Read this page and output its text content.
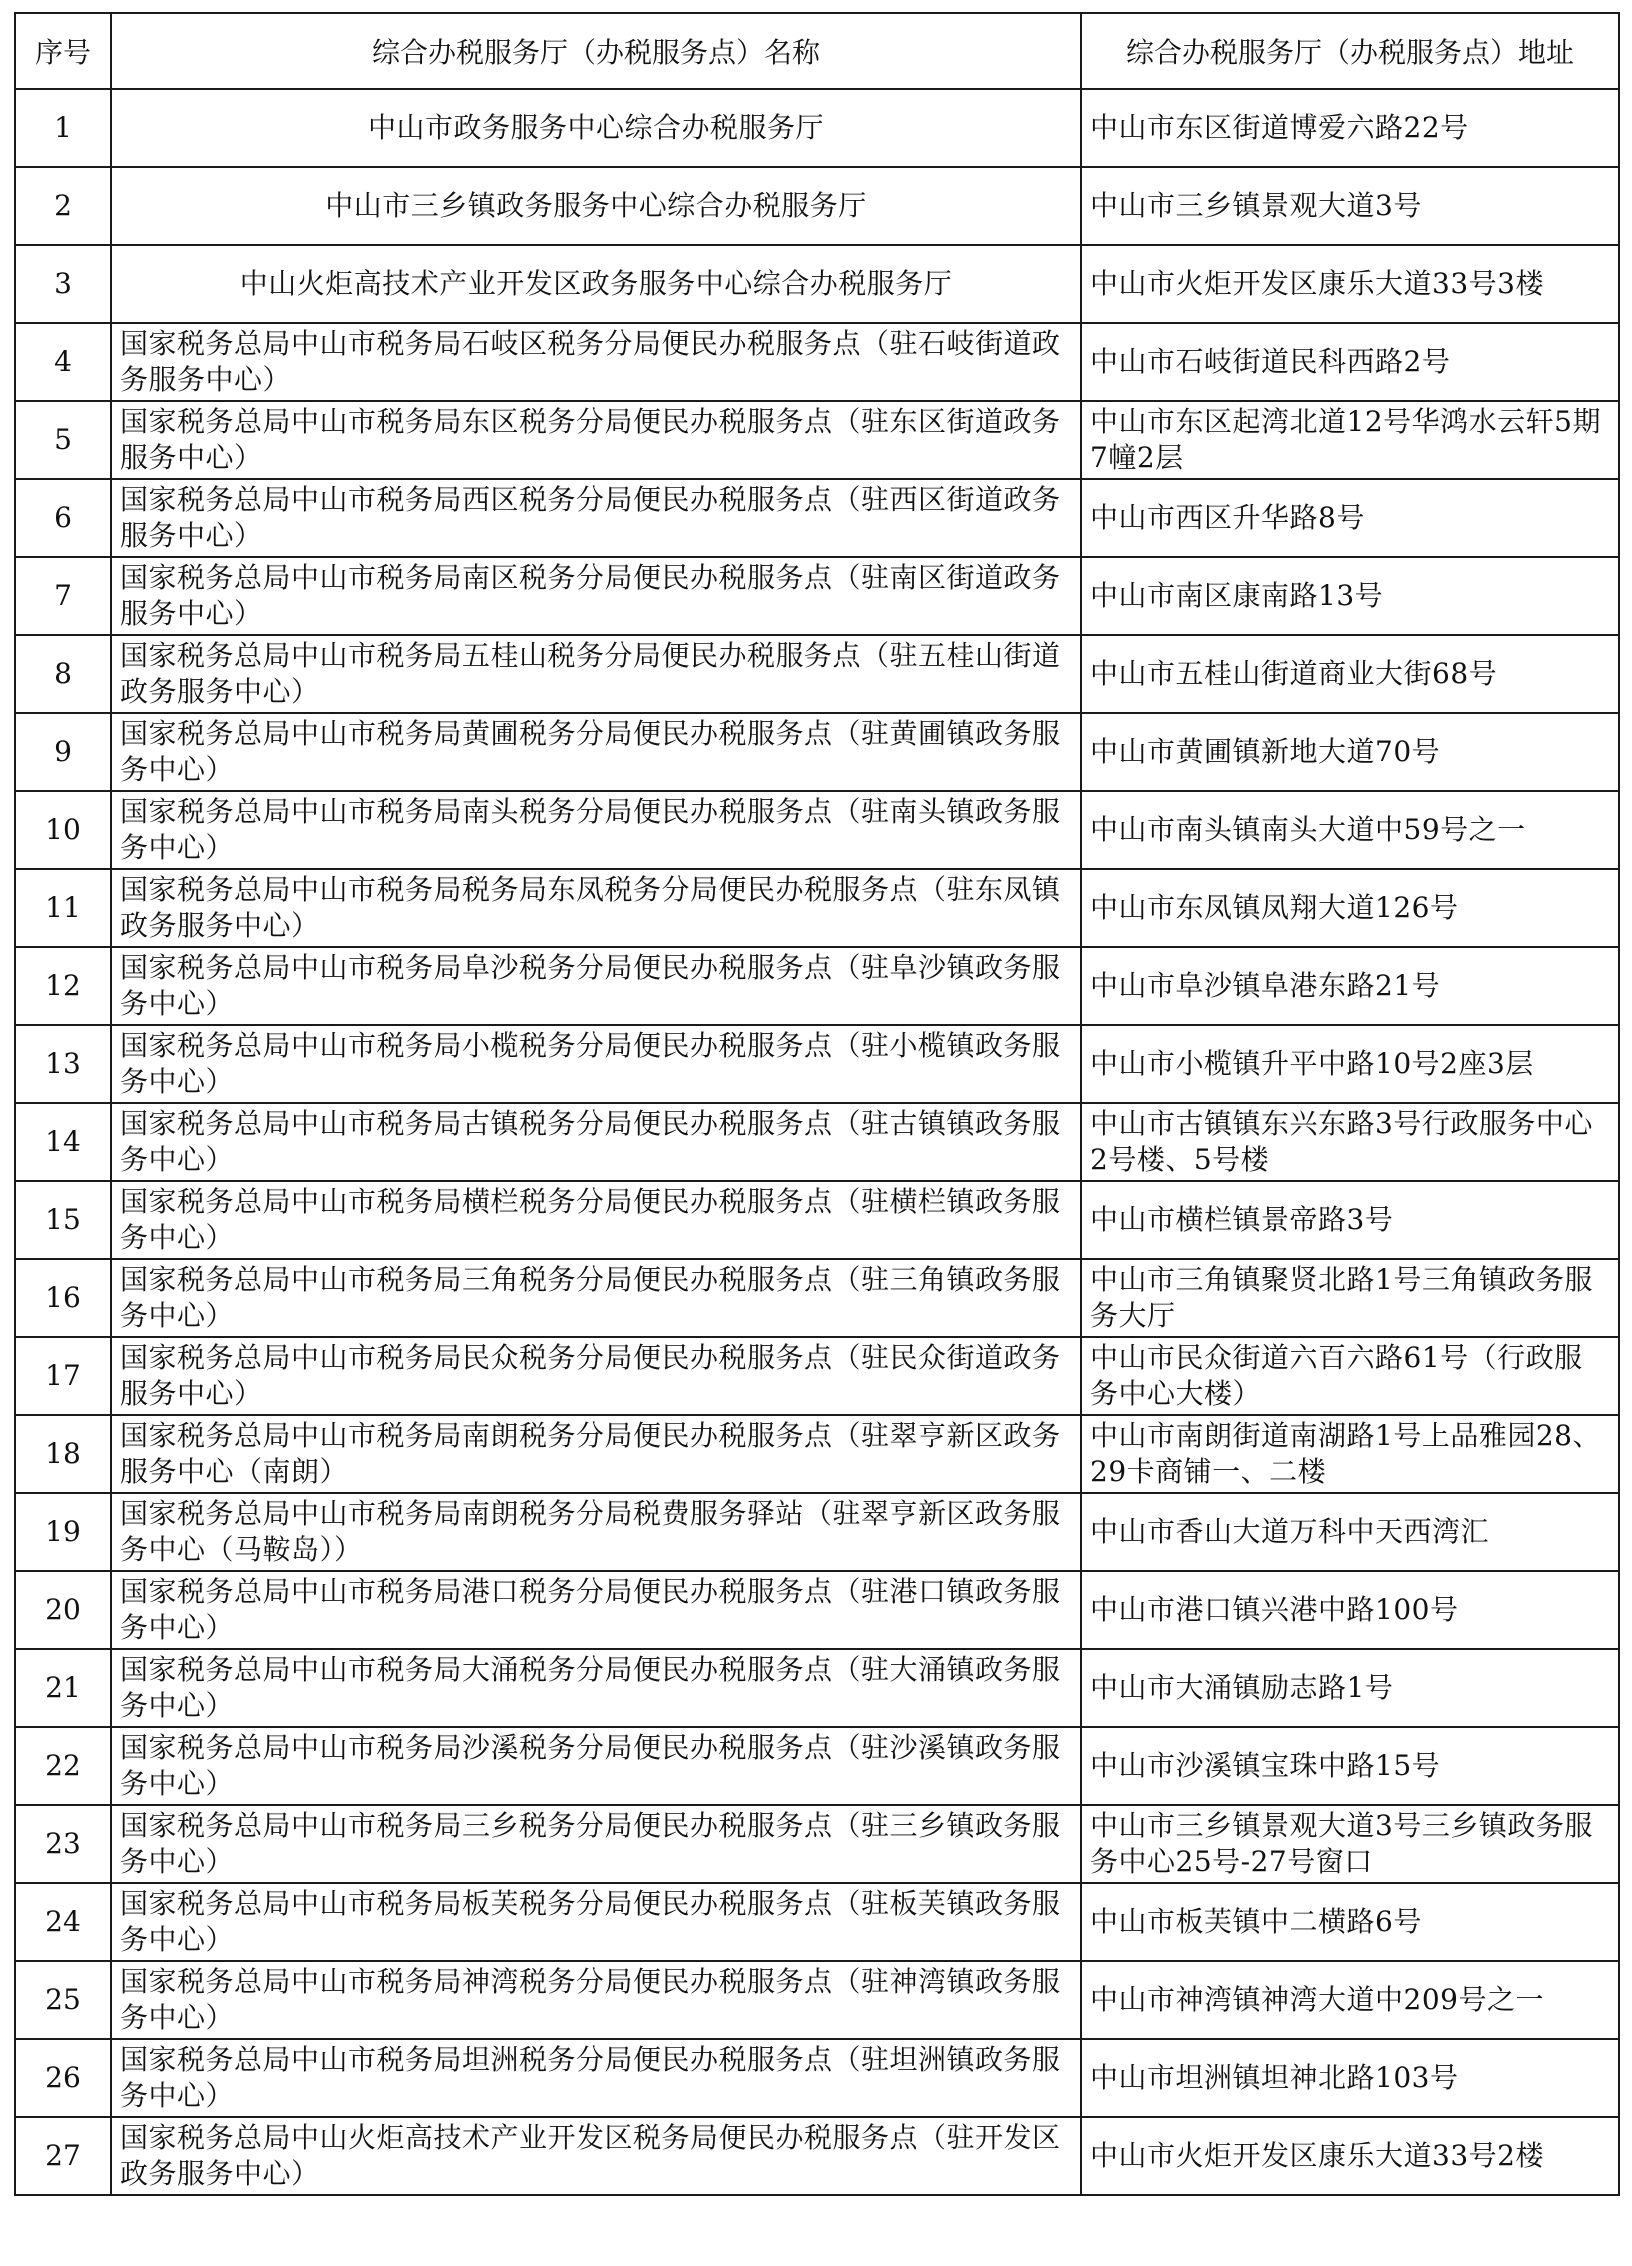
序号	综合办税服务厅（办税服务点）名称	综合办税服务厅（办税服务点）地址
1	中山市政务服务中心综合办税服务厅	中山市东区街道博爱六路22号
2	中山市三乡镇政务服务中心综合办税服务厅	中山市三乡镇景观大道3号
3	中山火炬高技术产业开发区政务服务中心综合办税服务厅	中山市火炬开发区康乐大道33号3楼
4	国家税务总局中山市税务局石岐区税务分局便民办税服务点（驻石岐街道政务服务中心）	中山市石岐街道民科西路2号
5	国家税务总局中山市税务局东区税务分局便民办税服务点（驻东区街道政务服务中心）	中山市东区起湾北道12号华鸿水云轩5期7幢2层
6	国家税务总局中山市税务局西区税务分局便民办税服务点（驻西区街道政务服务中心）	中山市西区升华路8号
7	国家税务总局中山市税务局南区税务分局便民办税服务点（驻南区街道政务服务中心）	中山市南区康南路13号
8	国家税务总局中山市税务局五桂山税务分局便民办税服务点（驻五桂山街道政务服务中心）	中山市五桂山街道商业大街68号
9	国家税务总局中山市税务局黄圃税务分局便民办税服务点（驻黄圃镇政务服务中心）	中山市黄圃镇新地大道70号
10	国家税务总局中山市税务局南头税务分局便民办税服务点（驻南头镇政务服务中心）	中山市南头镇南头大道中59号之一
11	国家税务总局中山市税务局税务局东凤税务分局便民办税服务点（驻东凤镇政务服务中心）	中山市东凤镇凤翔大道126号
12	国家税务总局中山市税务局阜沙税务分局便民办税服务点（驻阜沙镇政务服务中心）	中山市阜沙镇阜港东路21号
13	国家税务总局中山市税务局小榄税务分局便民办税服务点（驻小榄镇政务服务中心）	中山市小榄镇升平中路10号2座3层
14	国家税务总局中山市税务局古镇税务分局便民办税服务点（驻古镇镇政务服务中心）	中山市古镇镇东兴东路3号行政服务中心2号楼、5号楼
15	国家税务总局中山市税务局横栏税务分局便民办税服务点（驻横栏镇政务服务中心）	中山市横栏镇景帝路3号
16	国家税务总局中山市税务局三角税务分局便民办税服务点（驻三角镇政务服务中心）	中山市三角镇聚贤北路1号三角镇政务服务大厅
17	国家税务总局中山市税务局民众税务分局便民办税服务点（驻民众街道政务服务中心）	中山市民众街道六百六路61号（行政服务中心大楼）
18	国家税务总局中山市税务局南朗税务分局便民办税服务点（驻翠亨新区政务服务中心（南朗）	中山市南朗街道南湖路1号上品雅园28、29卡商铺一、二楼
19	国家税务总局中山市税务局南朗税务分局税费服务驿站（驻翠亨新区政务服务中心（马鞍岛））	中山市香山大道万科中天西湾汇
20	国家税务总局中山市税务局港口税务分局便民办税服务点（驻港口镇政务服务中心）	中山市港口镇兴港中路100号
21	国家税务总局中山市税务局大涌税务分局便民办税服务点（驻大涌镇政务服务中心）	中山市大涌镇励志路1号
22	国家税务总局中山市税务局沙溪税务分局便民办税服务点（驻沙溪镇政务服务中心）	中山市沙溪镇宝珠中路15号
23	国家税务总局中山市税务局三乡税务分局便民办税服务点（驻三乡镇政务服务中心）	中山市三乡镇景观大道3号三乡镇政务服务中心25号-27号窗口
24	国家税务总局中山市税务局板芙税务分局便民办税服务点（驻板芙镇政务服务中心）	中山市板芙镇中二横路6号
25	国家税务总局中山市税务局神湾税务分局便民办税服务点（驻神湾镇政务服务中心）	中山市神湾镇神湾大道中209号之一
26	国家税务总局中山市税务局坦洲税务分局便民办税服务点（驻坦洲镇政务服务中心）	中山市坦洲镇坦神北路103号
27	国家税务总局中山火炬高技术产业开发区税务局便民办税服务点（驻开发区政务服务中心）	中山市火炬开发区康乐大道33号2楼
